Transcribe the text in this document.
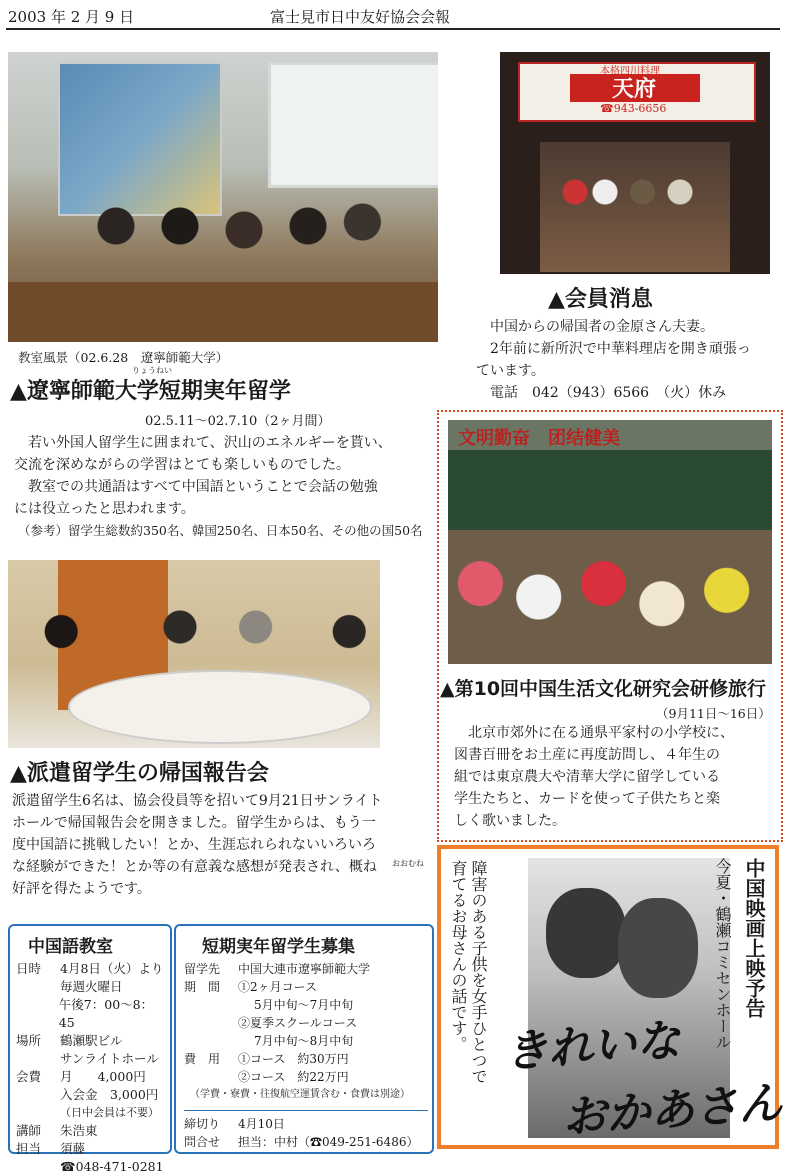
2003 年 2 月 9 日	富士見市日中友好協会会報
教室風景（02.6.28　遼寧師範大学）
りょうねい
▲遼寧師範大学短期実年留学
02.5.11～02.7.10（2ヶ月間）
若い外国人留学生に囲まれて、沢山のエネルギーを貰い、
交流を深めながらの学習はとても楽しいものでした。
教室での共通語はすべて中国語ということで会話の勉強
には役立ったと思われます。
（参考）留学生総数約350名、韓国250名、日本50名、その他の国50名
本格四川料理
天府
☎943-6656
▲会員消息
中国からの帰国者の金原さん夫妻。
2年前に新所沢で中華料理店を開き頑張っ
ています。
電話　042（943）6566　（火）休み
文明勤奋　团结健美
▲第10回中国生活文化研究会研修旅行
（9月11日～16日）
北京市郊外に在る通県平家村の小学校に、
図書百冊をお土産に再度訪問し、４年生の
組では東京農大や清華大学に留学している
学生たちと、カードを使って子供たちと楽
しく歌いました。
▲派遣留学生の帰国報告会
おおむね
派遣留学生6名は、協会役員等を招いて9月21日サンライト
ホールで帰国報告会を開きました。留学生からは、もう一
度中国語に挑戦したい！とか、生涯忘れられないいろいろ
な経験ができた！とか等の有意義な感想が発表され、概ね
好評を得たようです。
中国語教室
日時	4月8日（火）より
毎週火曜日
午後7：00～8：45
場所	鶴瀬駅ビル
サンライトホール
会費	月　　4,000円
入会金　3,000円
（日中会員は不要）
講師	朱浩東
担当	須藤
☎048-471-0281
短期実年留学生募集
留学先	中国大連市遼寧師範大学
期　間	①2ヶ月コース
5月中旬～7月中旬
②夏季スクールコース
7月中旬～8月中旬
費　用	①コース　約30万円
②コース　約22万円
（学費・寮費・往復航空運賃含む・食費は別途）
締切り	4月10日
問合せ	担当：中村（☎049-251-6486）
中国映画上映予告
今夏・鶴瀬コミセンホール
障害のある子供を女手ひとつで
育てるお母さんの話です。 きれいな
おかあさん
